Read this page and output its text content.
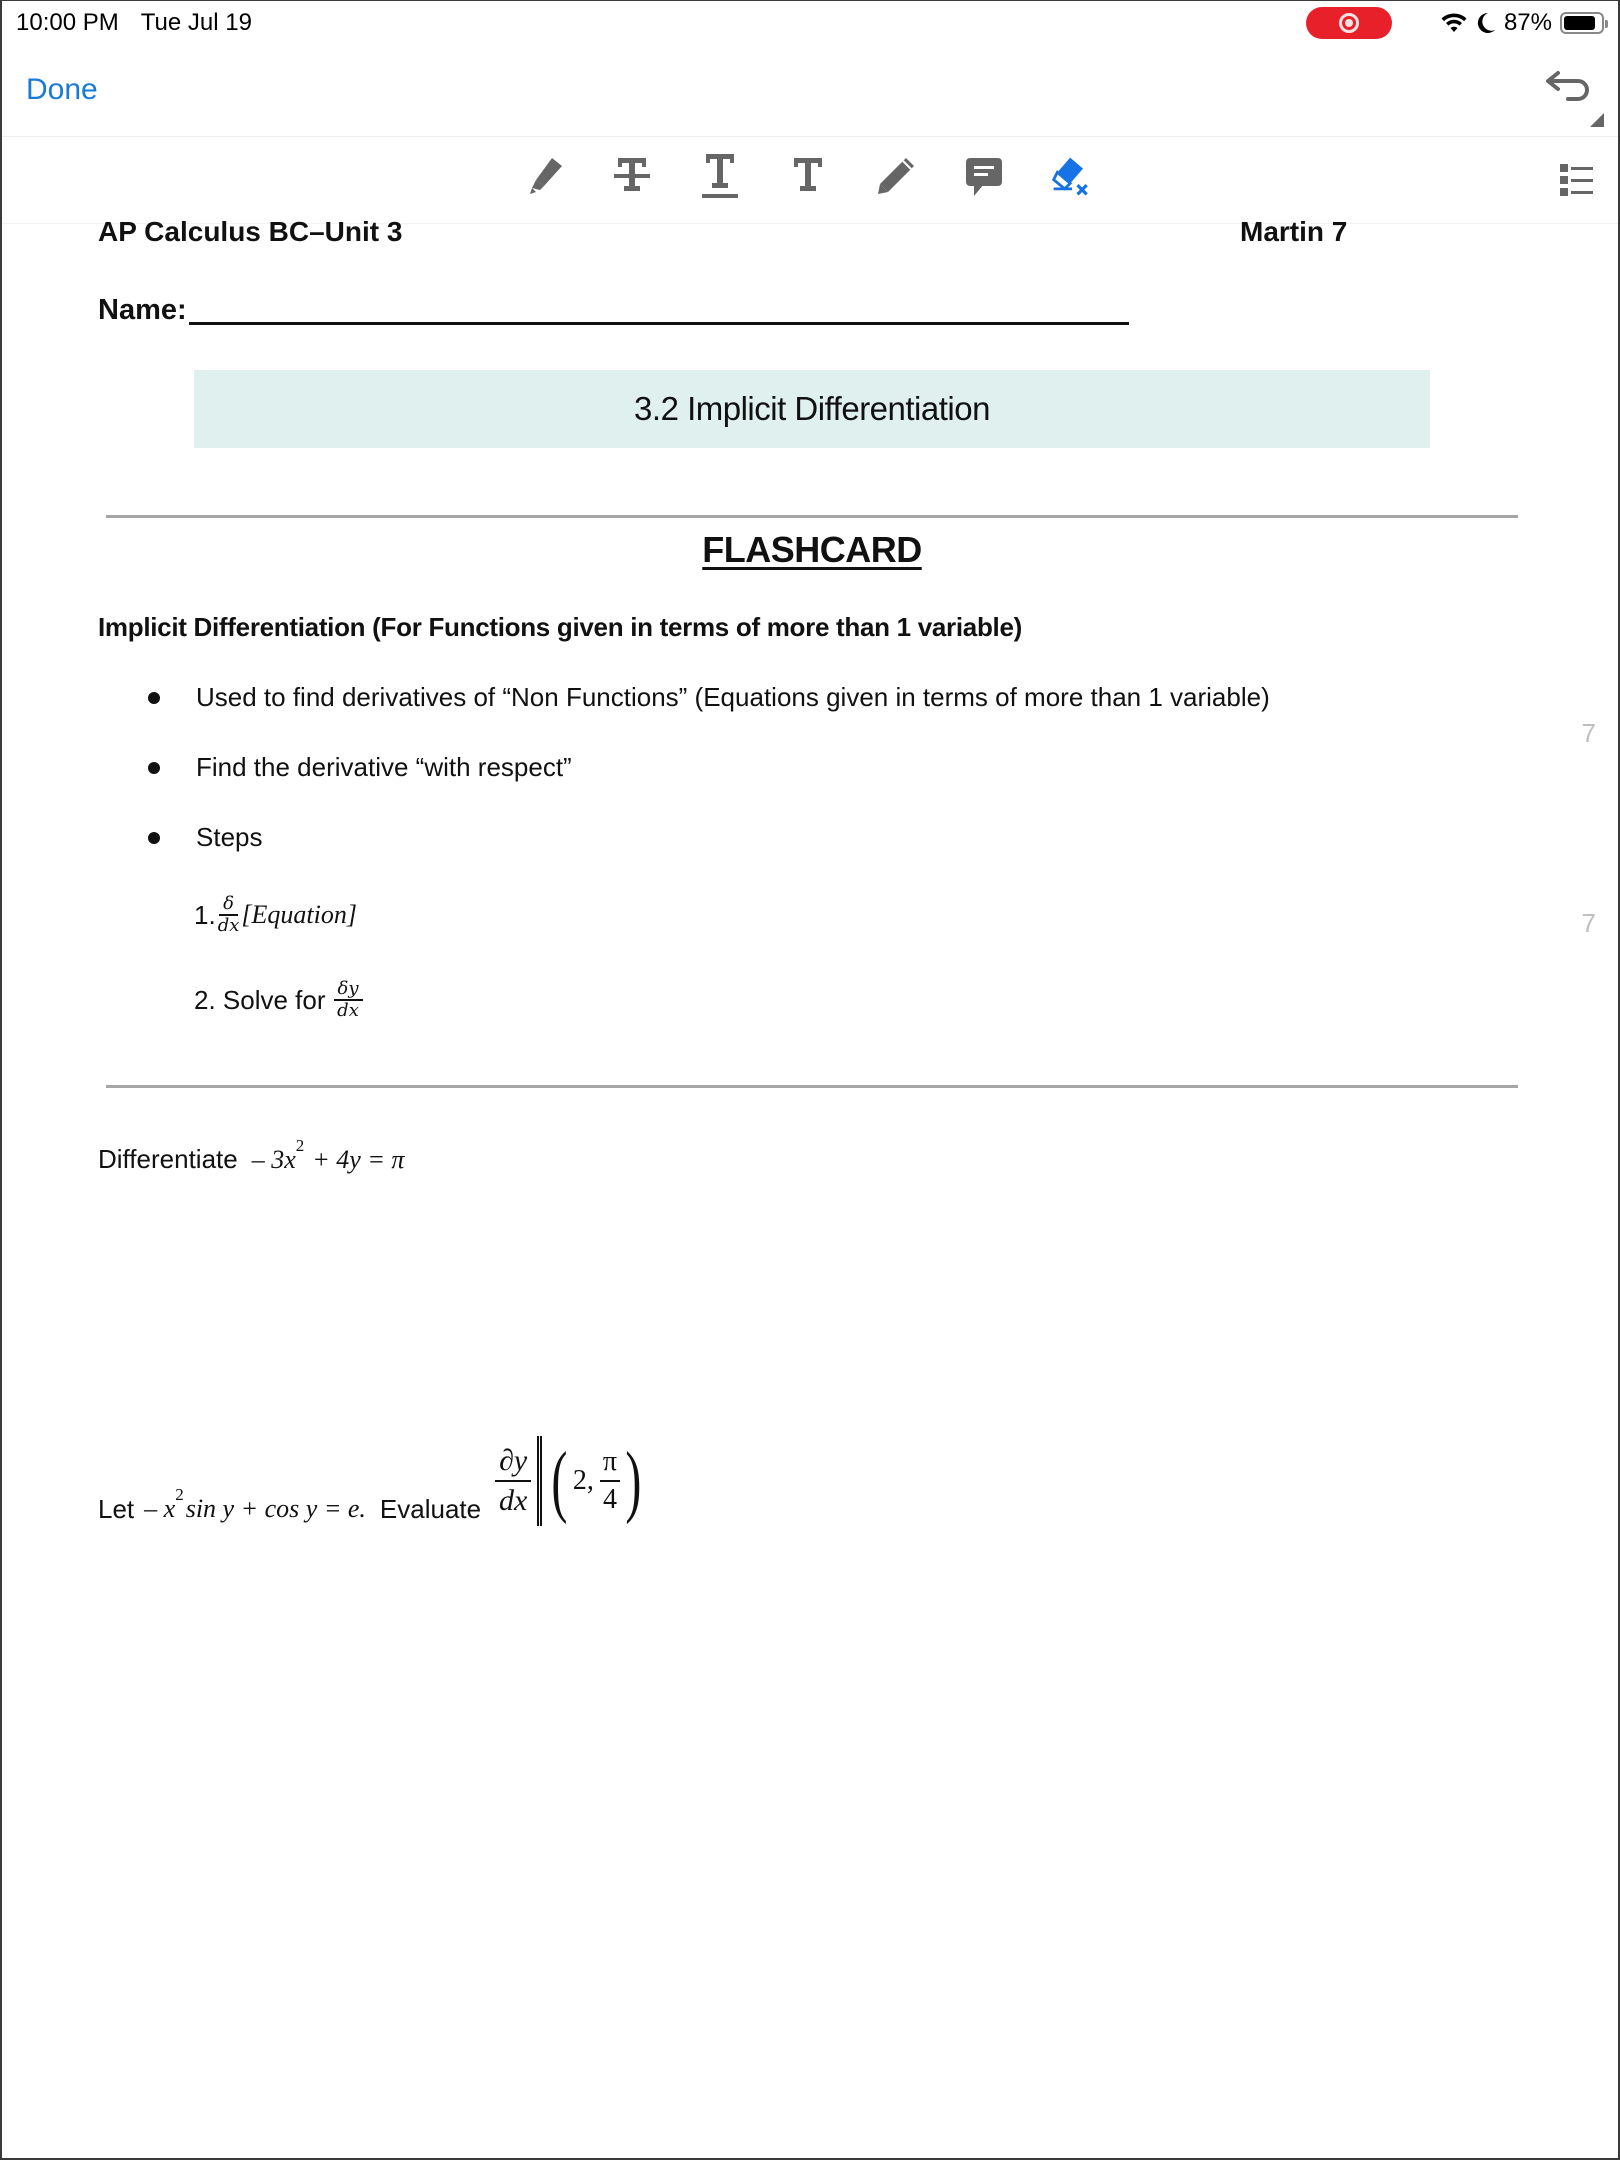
10:00 PM Tue Jul 19	87%
Done
AP Calculus BC–Unit 3	Martin 7
Name:
3.2 Implicit Differentiation
FLASHCARD
Implicit Differentiation (For Functions given in terms of more than 1 variable)
Used to find derivatives of “Non Functions” (Equations given in terms of more than 1 variable)
Find the derivative “with respect”
Steps
1. $\frac{\delta}{dx}$ [Equation]
2. Solve for $\frac{\delta y}{dx}$
7
7
Differentiate – 3x 2 + 4y = π
Let – x 2 sin y + cos y = e. Evaluate $\frac{\partial y}{dx}$ ( 2, $\frac{\pi}{4}$ )
